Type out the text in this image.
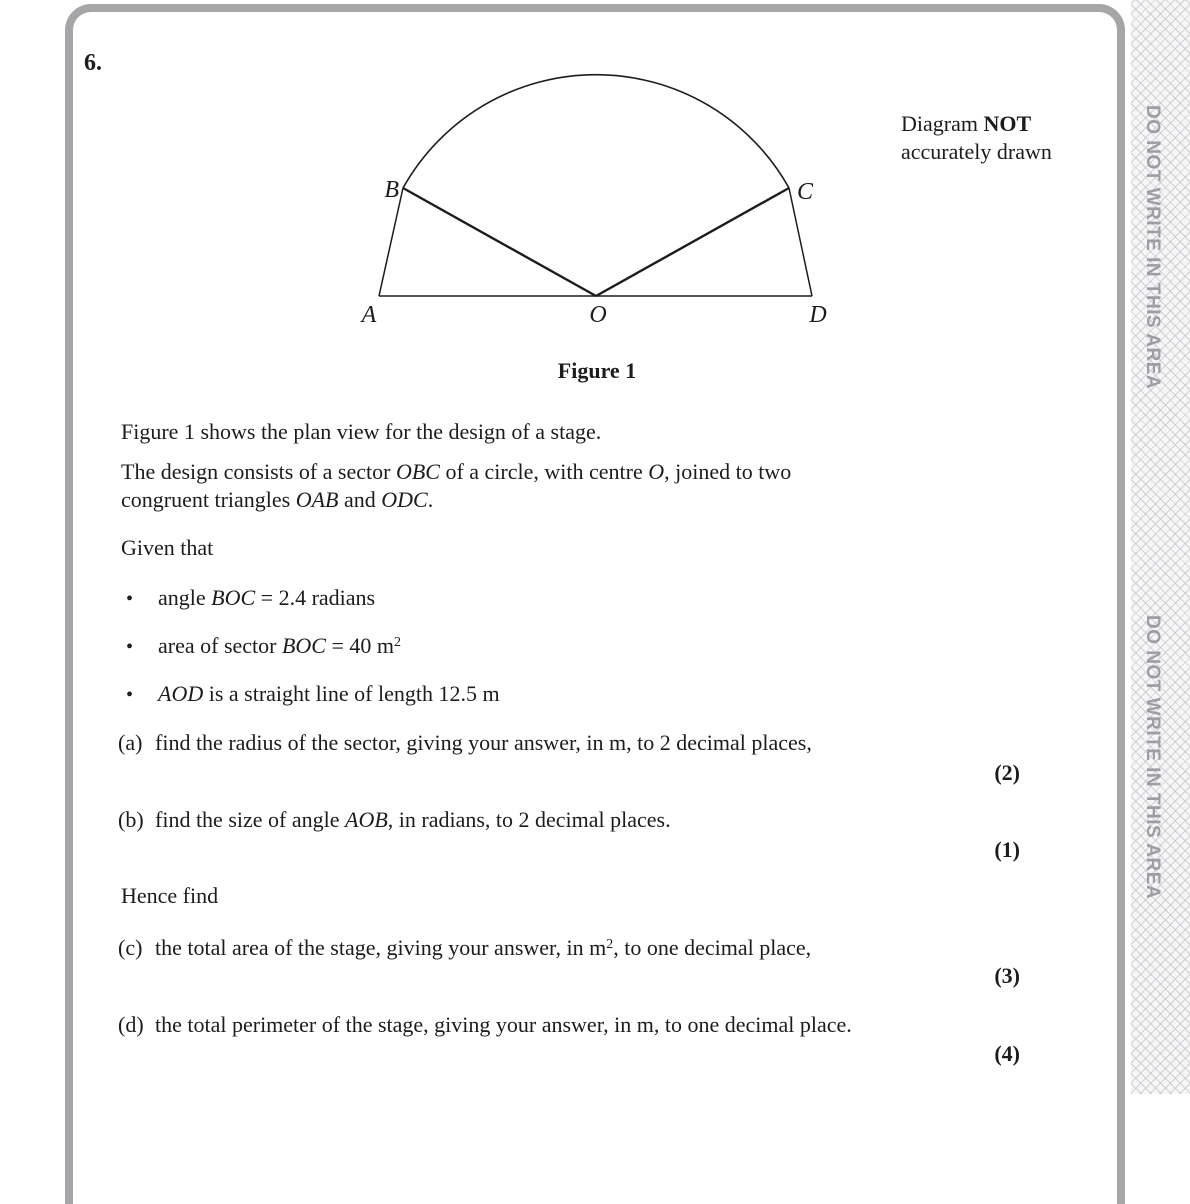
DO NOT WRITE IN THIS AREA
DO NOT WRITE IN THIS AREA
6.
B	C
A	O	D
Diagram NOT
accurately drawn
Figure 1
Figure 1 shows the plan view for the design of a stage.
The design consists of a sector OBC of a circle, with centre O, joined to two
congruent triangles OAB and ODC.
Given that
• angle BOC = 2.4 radians
• area of sector BOC = 40 $m^2$
• AOD is a straight line of length 12.5 m
(a) find the radius of the sector, giving your answer, in m, to 2 decimal places,
(2)
(b) find the size of angle AOB, in radians, to 2 decimal places.
(1)
Hence find
(c) the total area of the stage, giving your answer, in $m^2$, to one decimal place,
(3)
(d) the total perimeter of the stage, giving your answer, in m, to one decimal place.
(4)
